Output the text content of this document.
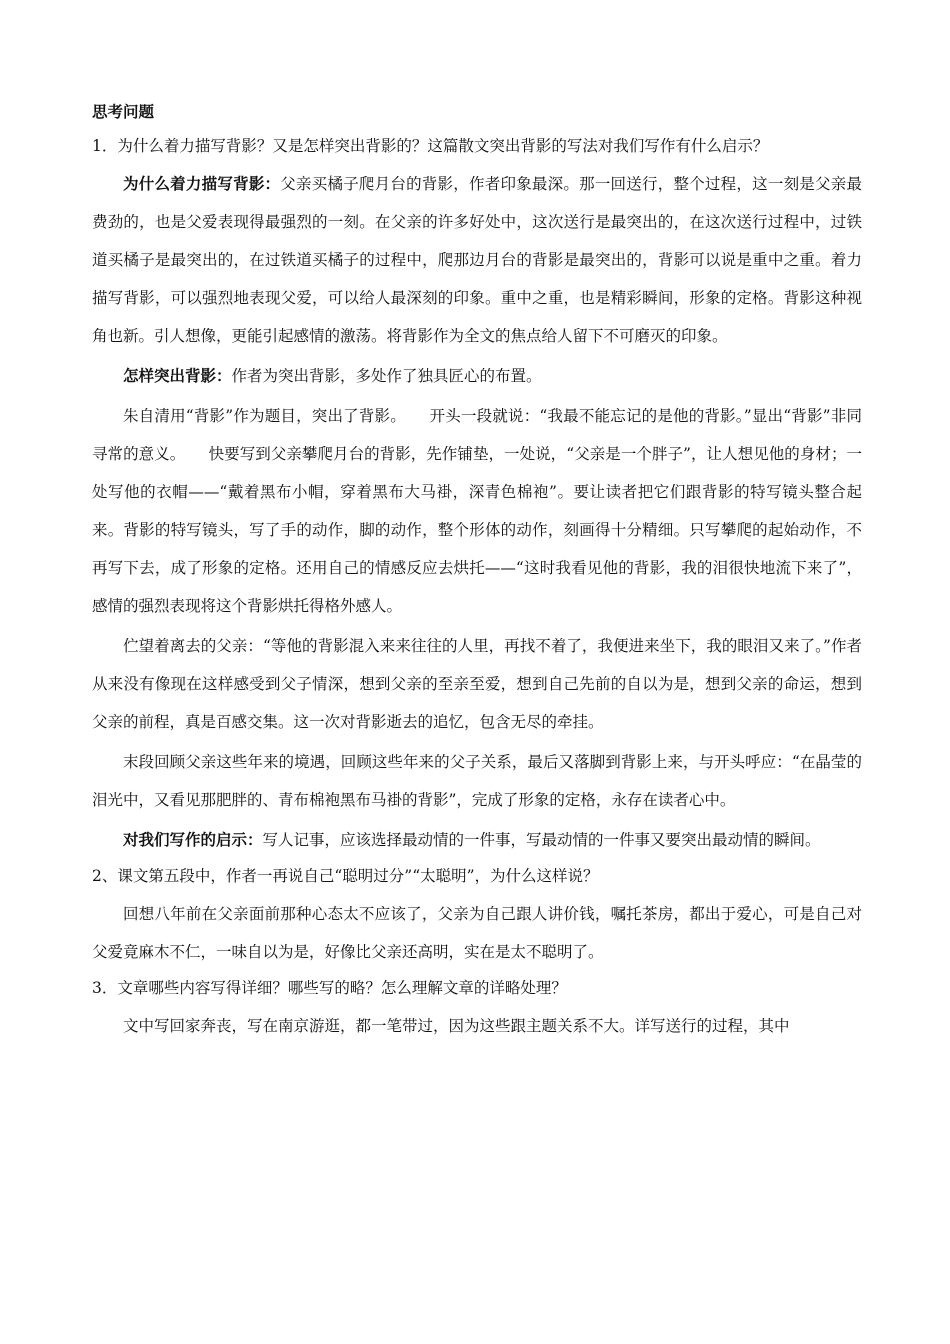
思考问题
1．为什么着力描写背影？又是怎样突出背影的？这篇散文突出背影的写法对我们写作有什么启示？
为什么着力描写背影：父亲买橘子爬月台的背影，作者印象最深。那一回送行，整个过程，这一刻是父亲最费劲的，也是父爱表现得最强烈的一刻。在父亲的许多好处中，这次送行是最突出的，在这次送行过程中，过铁道买橘子是最突出的，在过铁道买橘子的过程中，爬那边月台的背影是最突出的，背影可以说是重中之重。着力描写背影，可以强烈地表现父爱，可以给人最深刻的印象。重中之重，也是精彩瞬间，形象的定格。背影这种视角也新。引人想像，更能引起感情的激荡。将背影作为全文的焦点给人留下不可磨灭的印象。
怎样突出背影：作者为突出背影，多处作了独具匠心的布置。
朱自清用“背影”作为题目，突出了背影。　　开头一段就说：“我最不能忘记的是他的背影。”显出“背影”非同寻常的意义。　　快要写到父亲攀爬月台的背影，先作铺垫，一处说，“父亲是一个胖子”，让人想见他的身材；一处写他的衣帽——“戴着黑布小帽，穿着黑布大马褂，深青色棉袍”。要让读者把它们跟背影的特写镜头整合起来。背影的特写镜头，写了手的动作，脚的动作，整个形体的动作，刻画得十分精细。只写攀爬的起始动作，不再写下去，成了形象的定格。还用自己的情感反应去烘托——“这时我看见他的背影，我的泪很快地流下来了”，感情的强烈表现将这个背影烘托得格外感人。
伫望着离去的父亲：“等他的背影混入来来往往的人里，再找不着了，我便进来坐下，我的眼泪又来了。”作者从来没有像现在这样感受到父子情深，想到父亲的至亲至爱，想到自己先前的自以为是，想到父亲的命运，想到父亲的前程，真是百感交集。这一次对背影逝去的追忆，包含无尽的牵挂。
末段回顾父亲这些年来的境遇，回顾这些年来的父子关系，最后又落脚到背影上来，与开头呼应：“在晶莹的泪光中，又看见那肥胖的、青布棉袍黑布马褂的背影”，完成了形象的定格，永存在读者心中。
对我们写作的启示：写人记事，应该选择最动情的一件事，写最动情的一件事又要突出最动情的瞬间。
2、课文第五段中，作者一再说自己“聪明过分”“太聪明”，为什么这样说？
回想八年前在父亲面前那种心态太不应该了，父亲为自己跟人讲价钱，嘱托茶房，都出于爱心，可是自己对父爱竟麻木不仁，一味自以为是，好像比父亲还高明，实在是太不聪明了。
3．文章哪些内容写得详细？哪些写的略？怎么理解文章的详略处理？
文中写回家奔丧，写在南京游逛，都一笔带过，因为这些跟主题关系不大。详写送行的过程，其中
